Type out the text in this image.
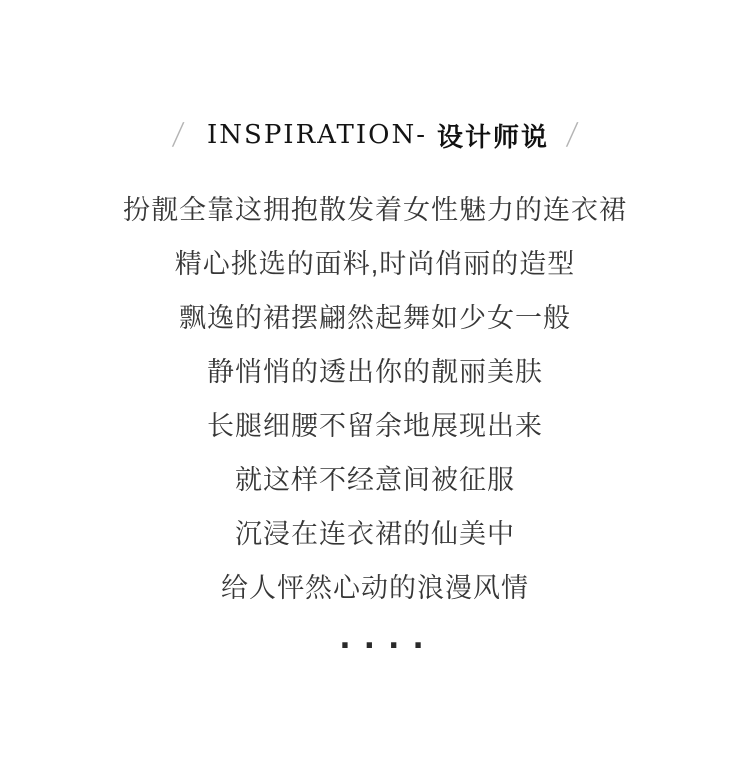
/ INSPIRATION- 设计师说 /

扮靓全靠这拥抱散发着女性魅力的连衣裙

精心挑选的面料,时尚俏丽的造型

飘逸的裙摆翩然起舞如少女一般

静悄悄的透出你的靓丽美肤

长腿细腰不留余地展现出来

就这样不经意间被征服

沉浸在连衣裙的仙美中

给人怦然心动的浪漫风情

....
